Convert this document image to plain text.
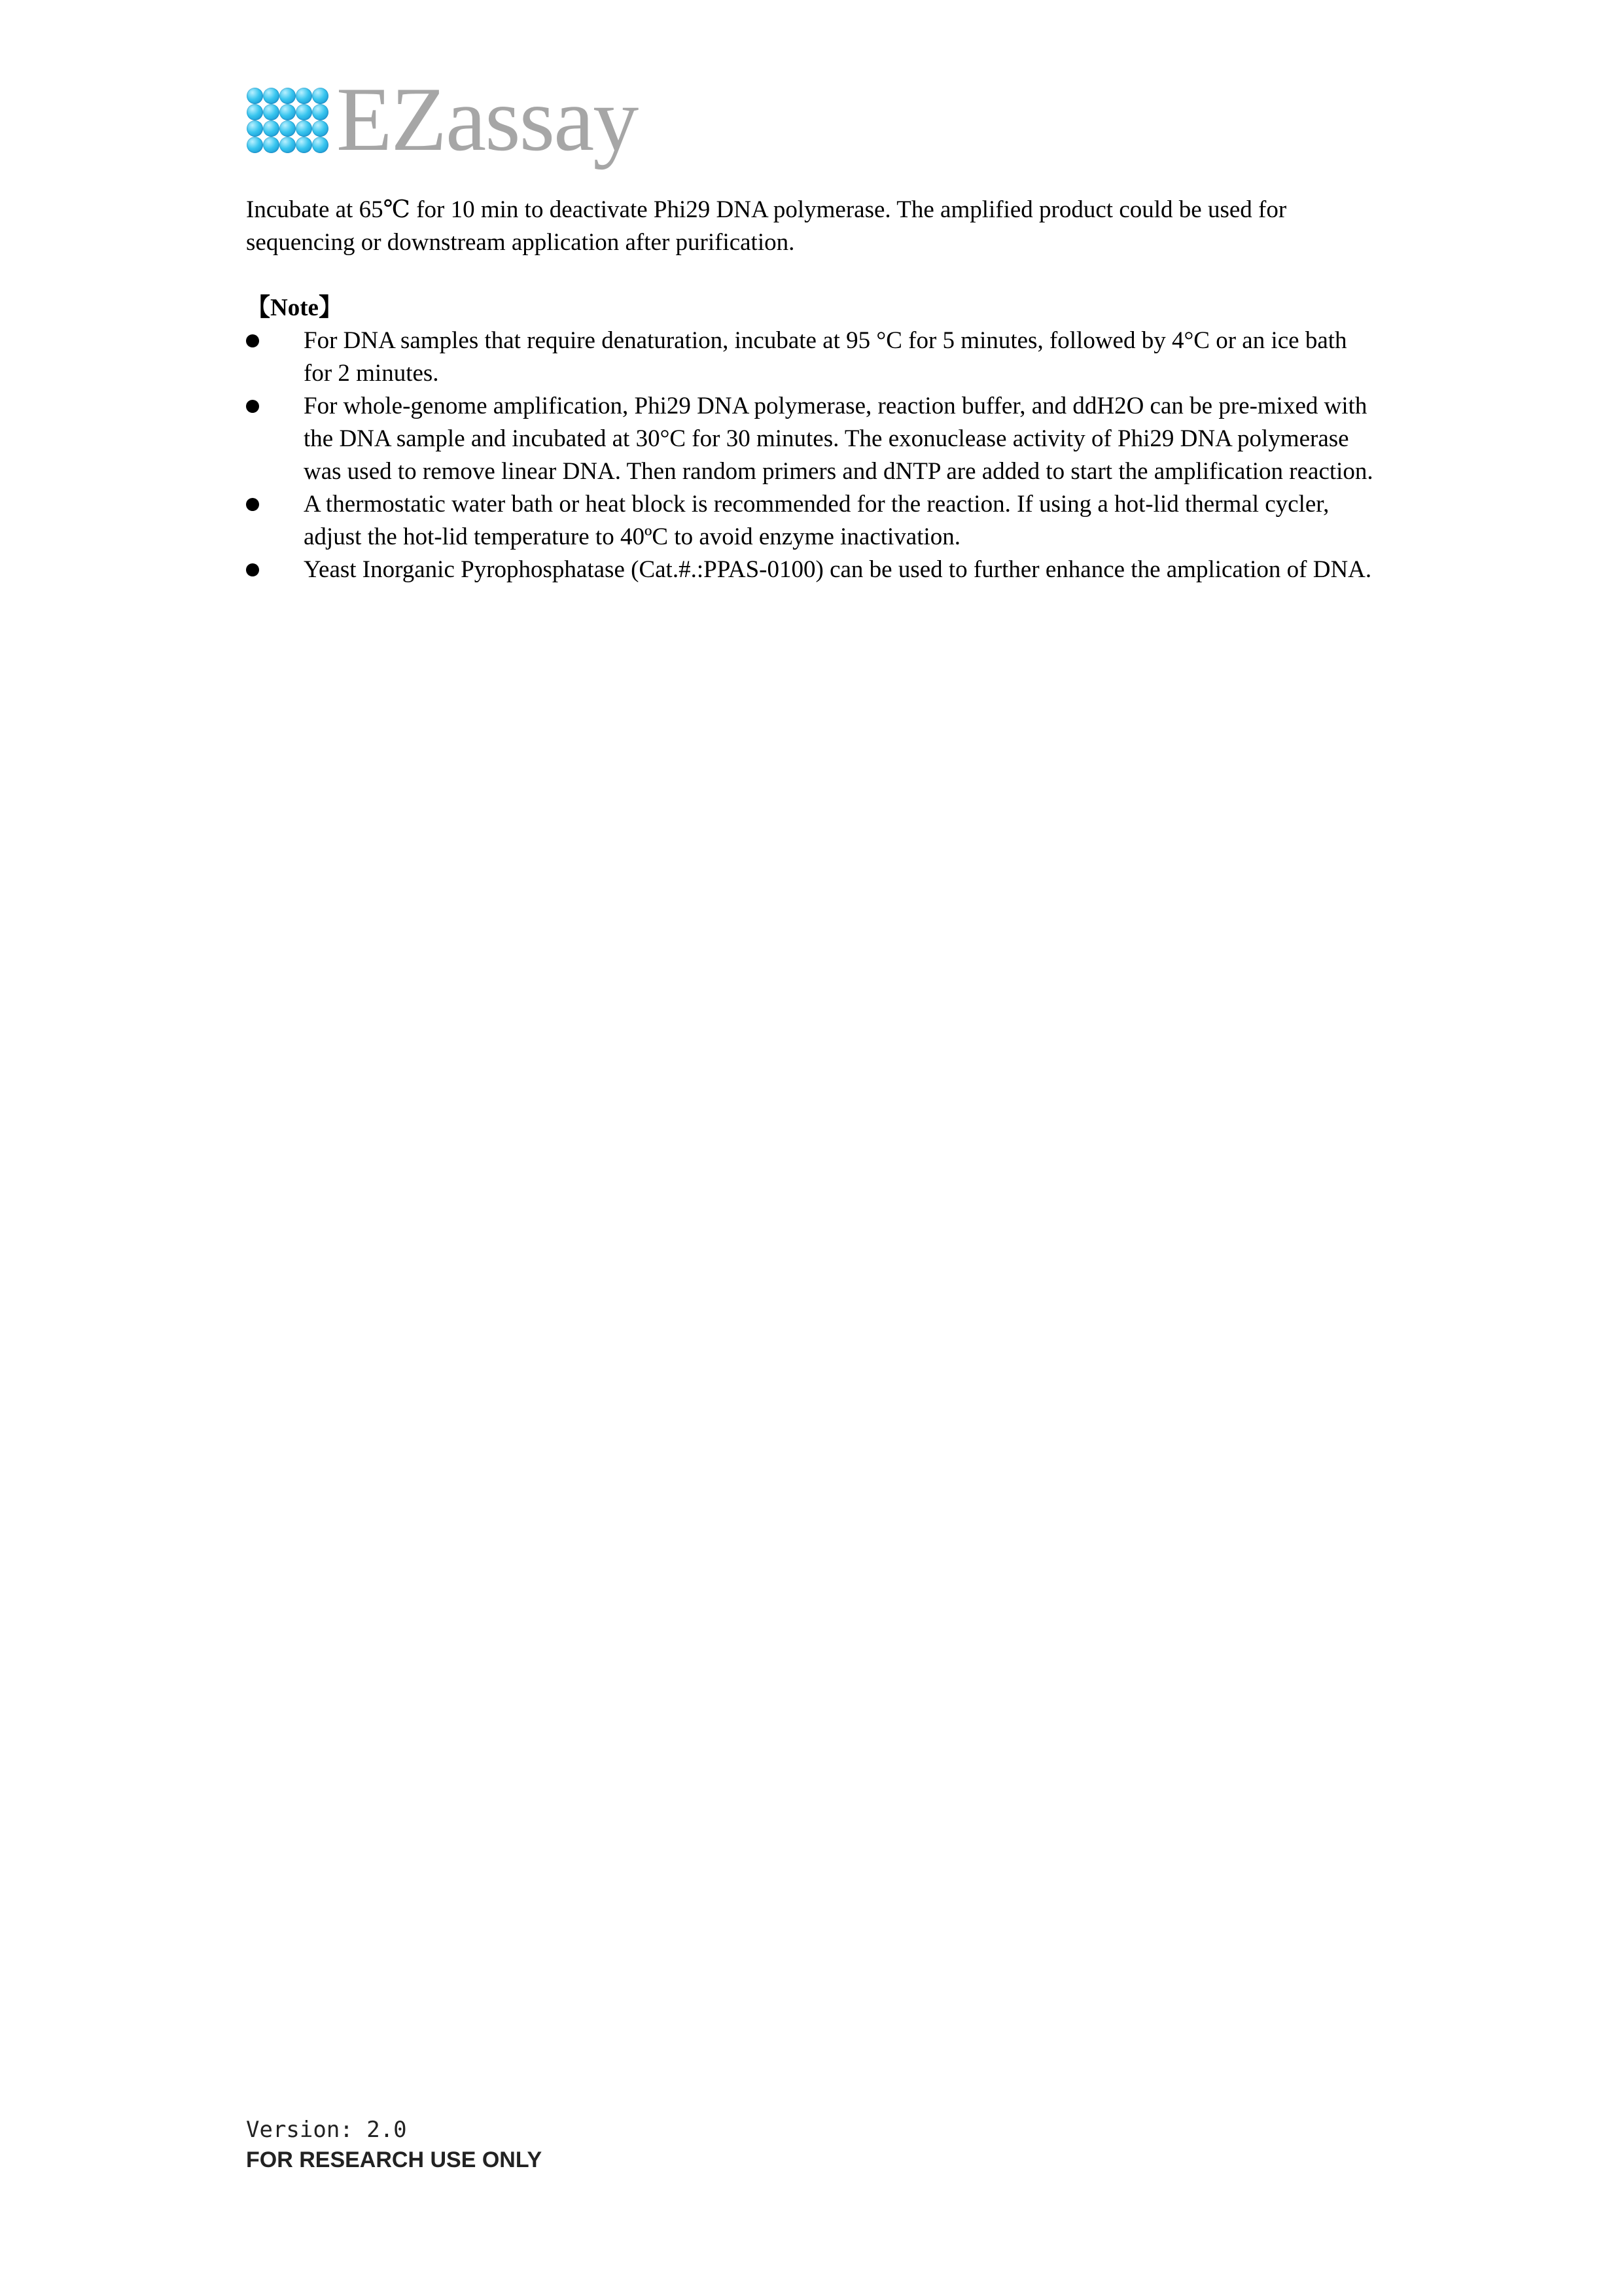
EZassay

Incubate at 65℃ for 10 min to deactivate Phi29 DNA polymerase. The amplified product could be used for

sequencing or downstream application after purification.

【Note】
For DNA samples that require denaturation, incubate at 95 °C for 5 minutes, followed by 4°C or an ice bath for 2 minutes.
For whole-genome amplification, Phi29 DNA polymerase, reaction buffer, and ddH2O can be pre-mixed with the DNA sample and incubated at 30°C for 30 minutes. The exonuclease activity of Phi29 DNA polymerase was used to remove linear DNA. Then random primers and dNTP are added to start the amplification reaction.
A thermostatic water bath or heat block is recommended for the reaction. If using a hot-lid thermal cycler, adjust the hot-lid temperature to 40ºC to avoid enzyme inactivation.
Yeast Inorganic Pyrophosphatase (Cat.#.:PPAS-0100) can be used to further enhance the amplication of DNA.
Version: 2.0
FOR RESEARCH USE ONLY
